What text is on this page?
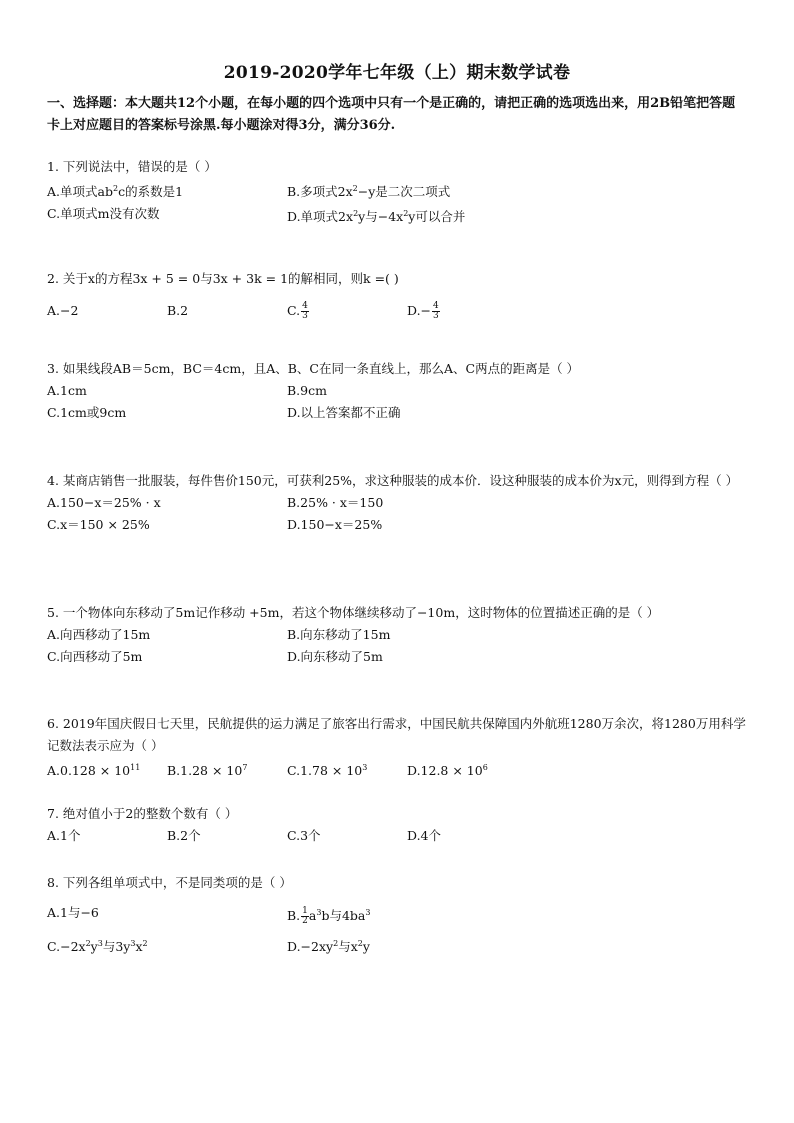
2019-2020学年七年级（上）期末数学试卷
一、选择题：本大题共12个小题，在每小题的四个选项中只有一个是正确的，请把正确的选项选出来，用2B铅笔把答题卡上对应题目的答案标号涂黑.每小题涂对得3分，满分36分.
1. 下列说法中，错误的是（ ）
A.单项式$ab^2c$的系数是1	B.多项式$2x^2-y$是二次二项式
C.单项式m没有次数	D.单项式$2x^2y$与$-4x^2y$可以合并
2. 关于x的方程3x + 5 = 0与3x + 3k = 1的解相同，则k =( )
A.−2	B.2	C. $\frac{4}{3}$	$D.- \frac{4}{3}$
3. 如果线段AB＝5cm，BC＝4cm，且A、B、C在同一条直线上，那么A、C两点的距离是（ ）
A.1cm	B.9cm
C.1cm或9cm	D.以上答案都不正确
4. 某商店销售一批服装，每件售价150元，可获利25%，求这种服装的成本价．设这种服装的成本价为x元，则得到方程（ ）
A.150−x＝25% · x	B.25% · x＝150
C.x＝150 × 25%	D.150−x＝25%
5. 一个物体向东移动了5m记作移动 +5m，若这个物体继续移动了−10m，这时物体的位置描述正确的是（ ）
A.向西移动了15m	B.向东移动了15m
C.向西移动了5m	D.向东移动了5m
6. 2019年国庆假日七天里，民航提供的运力满足了旅客出行需求，中国民航共保障国内外航班1280万余次，将1280万用科学记数法表示应为（ ）
$A.0.128 \times 10^{11}$	$B.1.28 \times 10^7$	$C.1.78 \times 10^3$	$D.12.8 \times 10^6$
7. 绝对值小于2的整数个数有（ ）
A.1个	B.2个	C.3个	D.4个
8. 下列各组单项式中，不是同类项的是（ ）
A.1与−6	B. $\frac{1}{2} a^3b$与$4ba^3$
$C.-2x^2y^3$与$3y^3x^2$	$D.-2xy^2$与$x^2y$
